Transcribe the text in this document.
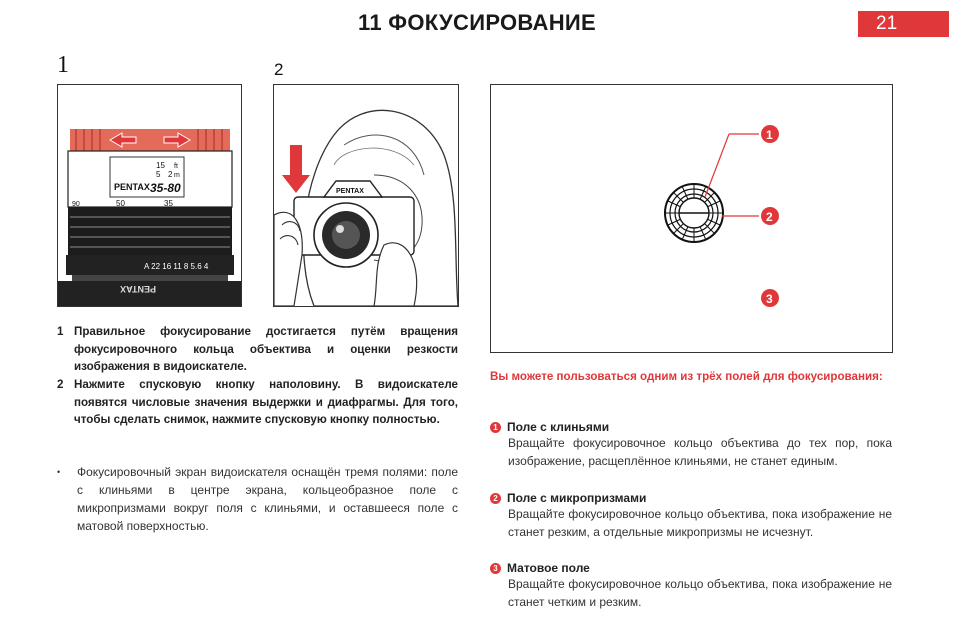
11 ФОКУСИРОВАНИЕ	21
1	2
15 ft
5 2 m
PENTAX 35-80
90	50	35
A 22 16 11 8 5.6 4
PENTAX
PENTAX
1
2
3
1 Правильное фокусирование достигается путём вращения фокусировочного кольца объектива и оценки резкости изображения в видоискателе.
2 Нажмите спусковую кнопку наполовину. В видоискателе появятся числовые значения выдержки и диафрагмы. Для того, чтобы сделать снимок, нажмите спусковую кнопку полностью.
• Фокусировочный экран видоискателя оснащён тремя полями: поле с клиньями в центре экрана, кольцеобразное поле с микропризмами вокруг поля с клиньями, и оставшееся поле с матовой поверхностью.
Вы можете пользоваться одним из трёх полей для фокусирования:
1 Поле с клиньями
Вращайте фокусировочное кольцо объектива до тех пор, пока изображение, расщеплённое клиньями, не станет единым.
2 Поле с микропризмами
Вращайте фокусировочное кольцо объектива, пока изображение не станет резким, а отдельные микропризмы не исчезнут.
3 Матовое поле
Вращайте фокусировочное кольцо объектива, пока изображение не станет четким и резким.
